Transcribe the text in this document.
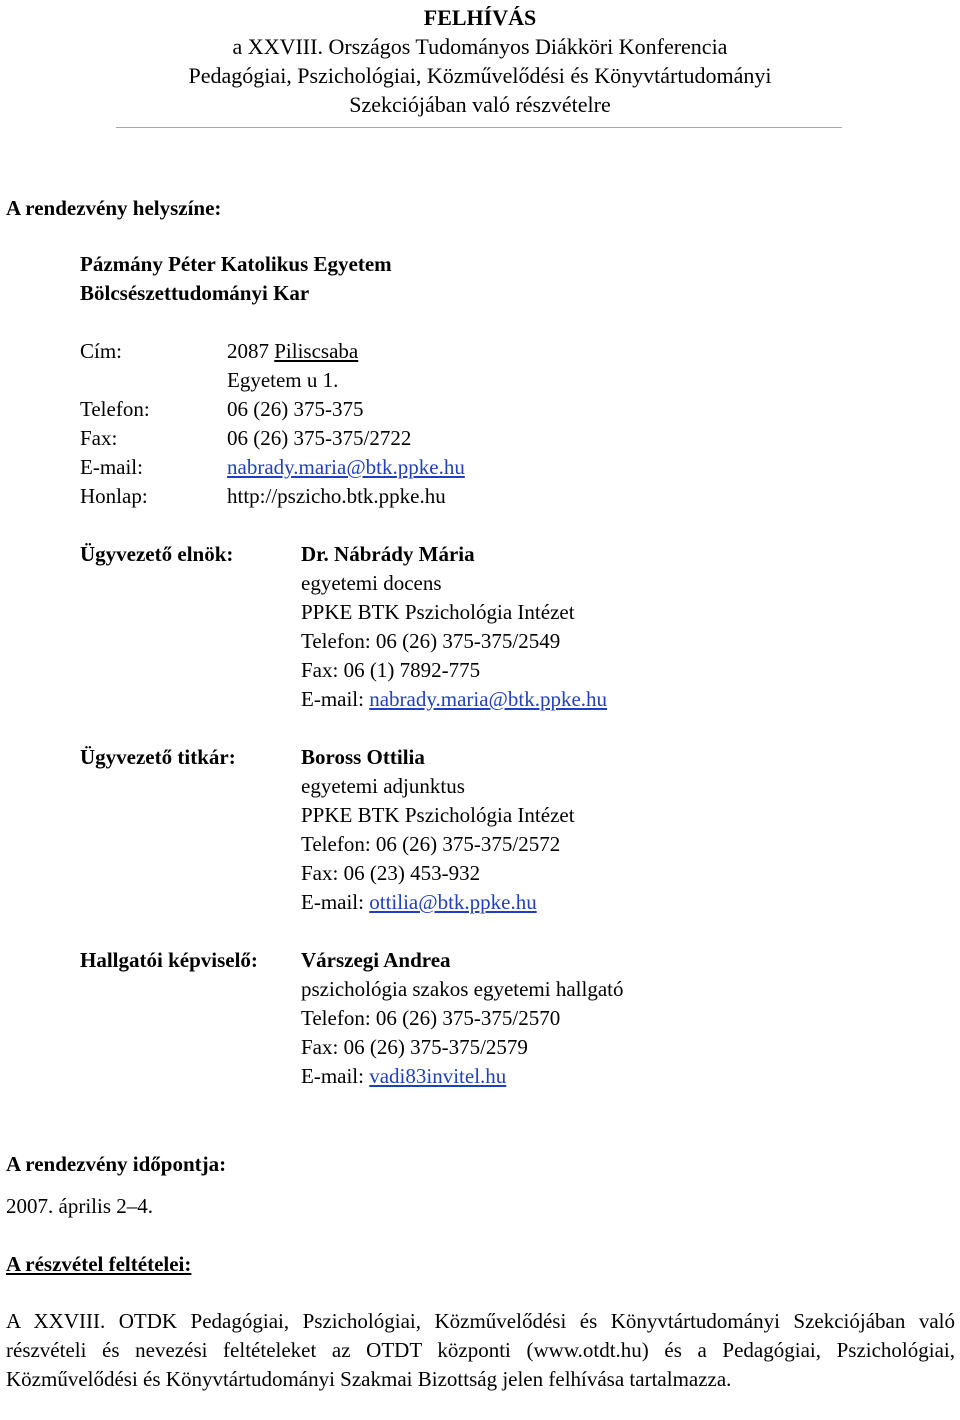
FELHÍVÁS
a XXVIII. Országos Tudományos Diákköri Konferencia
Pedagógiai, Pszichológiai, Közművelődési és Könyvtártudományi
Szekciójában való részvételre
A rendezvény helyszíne:
Pázmány Péter Katolikus Egyetem
Bölcsészettudományi Kar
Cím:	2087 Piliscsaba
Egyetem u 1.
Telefon:	06 (26) 375-375
Fax:	06 (26) 375-375/2722
E-mail:	nabrady.maria@btk.ppke.hu
Honlap:	http://pszicho.btk.ppke.hu
Ügyvezető elnök:	Dr. Nábrády Mária
egyetemi docens
PPKE BTK Pszichológia Intézet
Telefon: 06 (26) 375-375/2549
Fax: 06 (1) 7892-775
E-mail: nabrady.maria@btk.ppke.hu
Ügyvezető titkár:	Boross Ottilia
egyetemi adjunktus
PPKE BTK Pszichológia Intézet
Telefon: 06 (26) 375-375/2572
Fax: 06 (23) 453-932
E-mail: ottilia@btk.ppke.hu
Hallgatói képviselő: Várszegi Andrea
pszichológia szakos egyetemi hallgató
Telefon: 06 (26) 375-375/2570
Fax: 06 (26) 375-375/2579
E-mail: vadi83invitel.hu
A rendezvény időpontja:
2007. április 2–4.
A részvétel feltételei:
A XXVIII. OTDK Pedagógiai, Pszichológiai, Közművelődési és Könyvtártudományi Szekciójában való részvételi és nevezési feltételeket az OTDT központi (www.otdt.hu) és a Pedagógiai, Pszichológiai, Közművelődési és Könyvtártudományi Szakmai Bizottság jelen felhívása tartalmazza.
